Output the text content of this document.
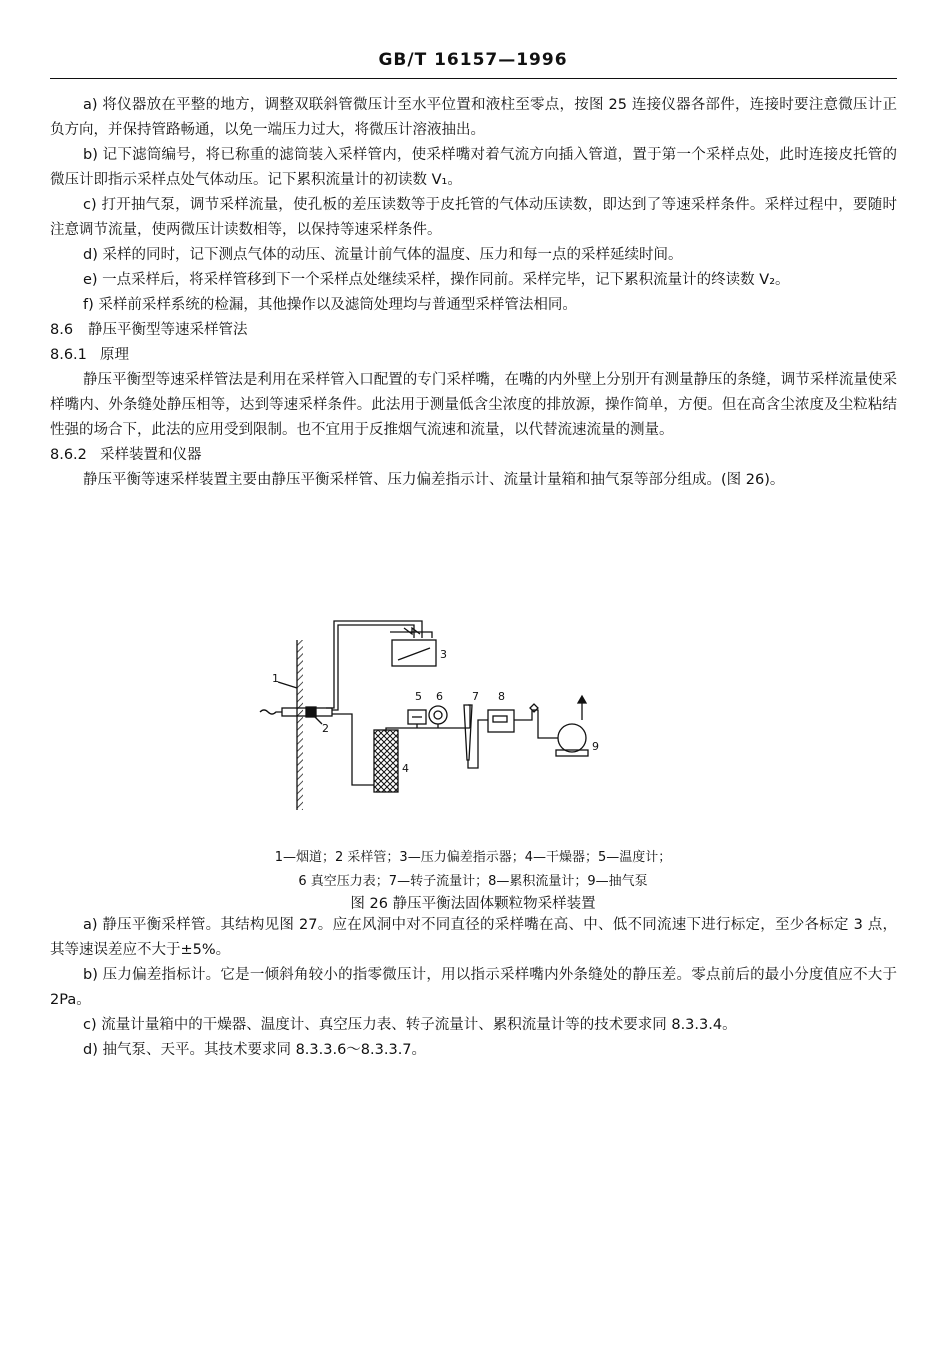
GB/T 16157—1996

a) 将仪器放在平整的地方，调整双联斜管微压计至水平位置和液柱至零点，按图 25 连接仪器各部件，连接时要注意微压计正负方向，并保持管路畅通，以免一端压力过大，将微压计溶液抽出。

b) 记下滤筒编号，将已称重的滤筒装入采样管内，使采样嘴对着气流方向插入管道，置于第一个采样点处，此时连接皮托管的微压计即指示采样点处气体动压。记下累积流量计的初读数 V₁。

c) 打开抽气泵，调节采样流量，使孔板的差压读数等于皮托管的气体动压读数，即达到了等速采样条件。采样过程中，要随时注意调节流量，使两微压计读数相等，以保持等速采样条件。

d) 采样的同时，记下测点气体的动压、流量计前气体的温度、压力和每一点的采样延续时间。

e) 一点采样后，将采样管移到下一个采样点处继续采样，操作同前。采样完毕，记下累积流量计的终读数 V₂。

f) 采样前采样系统的检漏，其他操作以及滤筒处理均与普通型采样管法相同。

8.6 静压平衡型等速采样管法

8.6.1 原理

静压平衡型等速采样管法是利用在采样管入口配置的专门采样嘴，在嘴的内外壁上分别开有测量静压的条缝，调节采样流量使采样嘴内、外条缝处静压相等，达到等速采样条件。此法用于测量低含尘浓度的排放源，操作简单，方便。但在高含尘浓度及尘粒粘结性强的场合下，此法的应用受到限制。也不宜用于反推烟气流速和流量，以代替流速流量的测量。

8.6.2 采样装置和仪器

静压平衡等速采样装置主要由静压平衡采样管、压力偏差指示计、流量计量箱和抽气泵等部分组成。(图 26)。

1
2
3
4
5 6	7 8
9
1—烟道；2 采样管；3—压力偏差指示器；4—干燥器；5—温度计；
6 真空压力表；7—转子流量计；8—累积流量计；9—抽气泵
图 26 静压平衡法固体颗粒物采样装置

a) 静压平衡采样管。其结构见图 27。应在风洞中对不同直径的采样嘴在高、中、低不同流速下进行标定，至少各标定 3 点，其等速误差应不大于±5%。

b) 压力偏差指标计。它是一倾斜角较小的指零微压计，用以指示采样嘴内外条缝处的静压差。零点前后的最小分度值应不大于 2Pa。

c) 流量计量箱中的干燥器、温度计、真空压力表、转子流量计、累积流量计等的技术要求同 8.3.3.4。

d) 抽气泵、天平。其技术要求同 8.3.3.6～8.3.3.7。
